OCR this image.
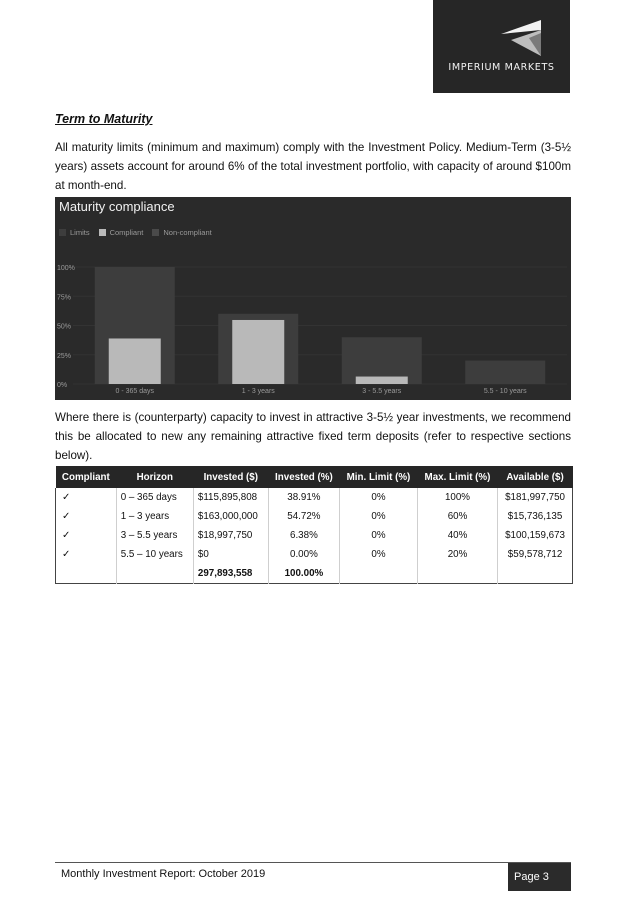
IMPERIUM MARKETS
Term to Maturity
All maturity limits (minimum and maximum) comply with the Investment Policy. Medium-Term (3-5½ years) assets account for around 6% of the total investment portfolio, with capacity of around $100m at month-end.
Maturity compliance
Limits	Compliant	Non-compliant
100%
75%
50%
25%
0%
0 - 365 days	1 - 3 years	3 - 5.5 years	5.5 - 10 years
Where there is (counterparty) capacity to invest in attractive 3-5½ year investments, we recommend this be allocated to new any remaining attractive fixed term deposits (refer to respective sections below).
Compliant	Horizon	Invested ($)	Invested (%)	Min. Limit (%)	Max. Limit (%)	Available ($)
✓	0 – 365 days	$115,895,808	38.91%	0%	100%	$181,997,750
✓	1 – 3 years	$163,000,000	54.72%	0%	60%	$15,736,135
✓	3 – 5.5 years	$18,997,750	6.38%	0%	40%	$100,159,673
✓	5.5 – 10 years	$0	0.00%	0%	20%	$59,578,712
		297,893,558	100.00%			
Monthly Investment Report: October 2019	Page 3
